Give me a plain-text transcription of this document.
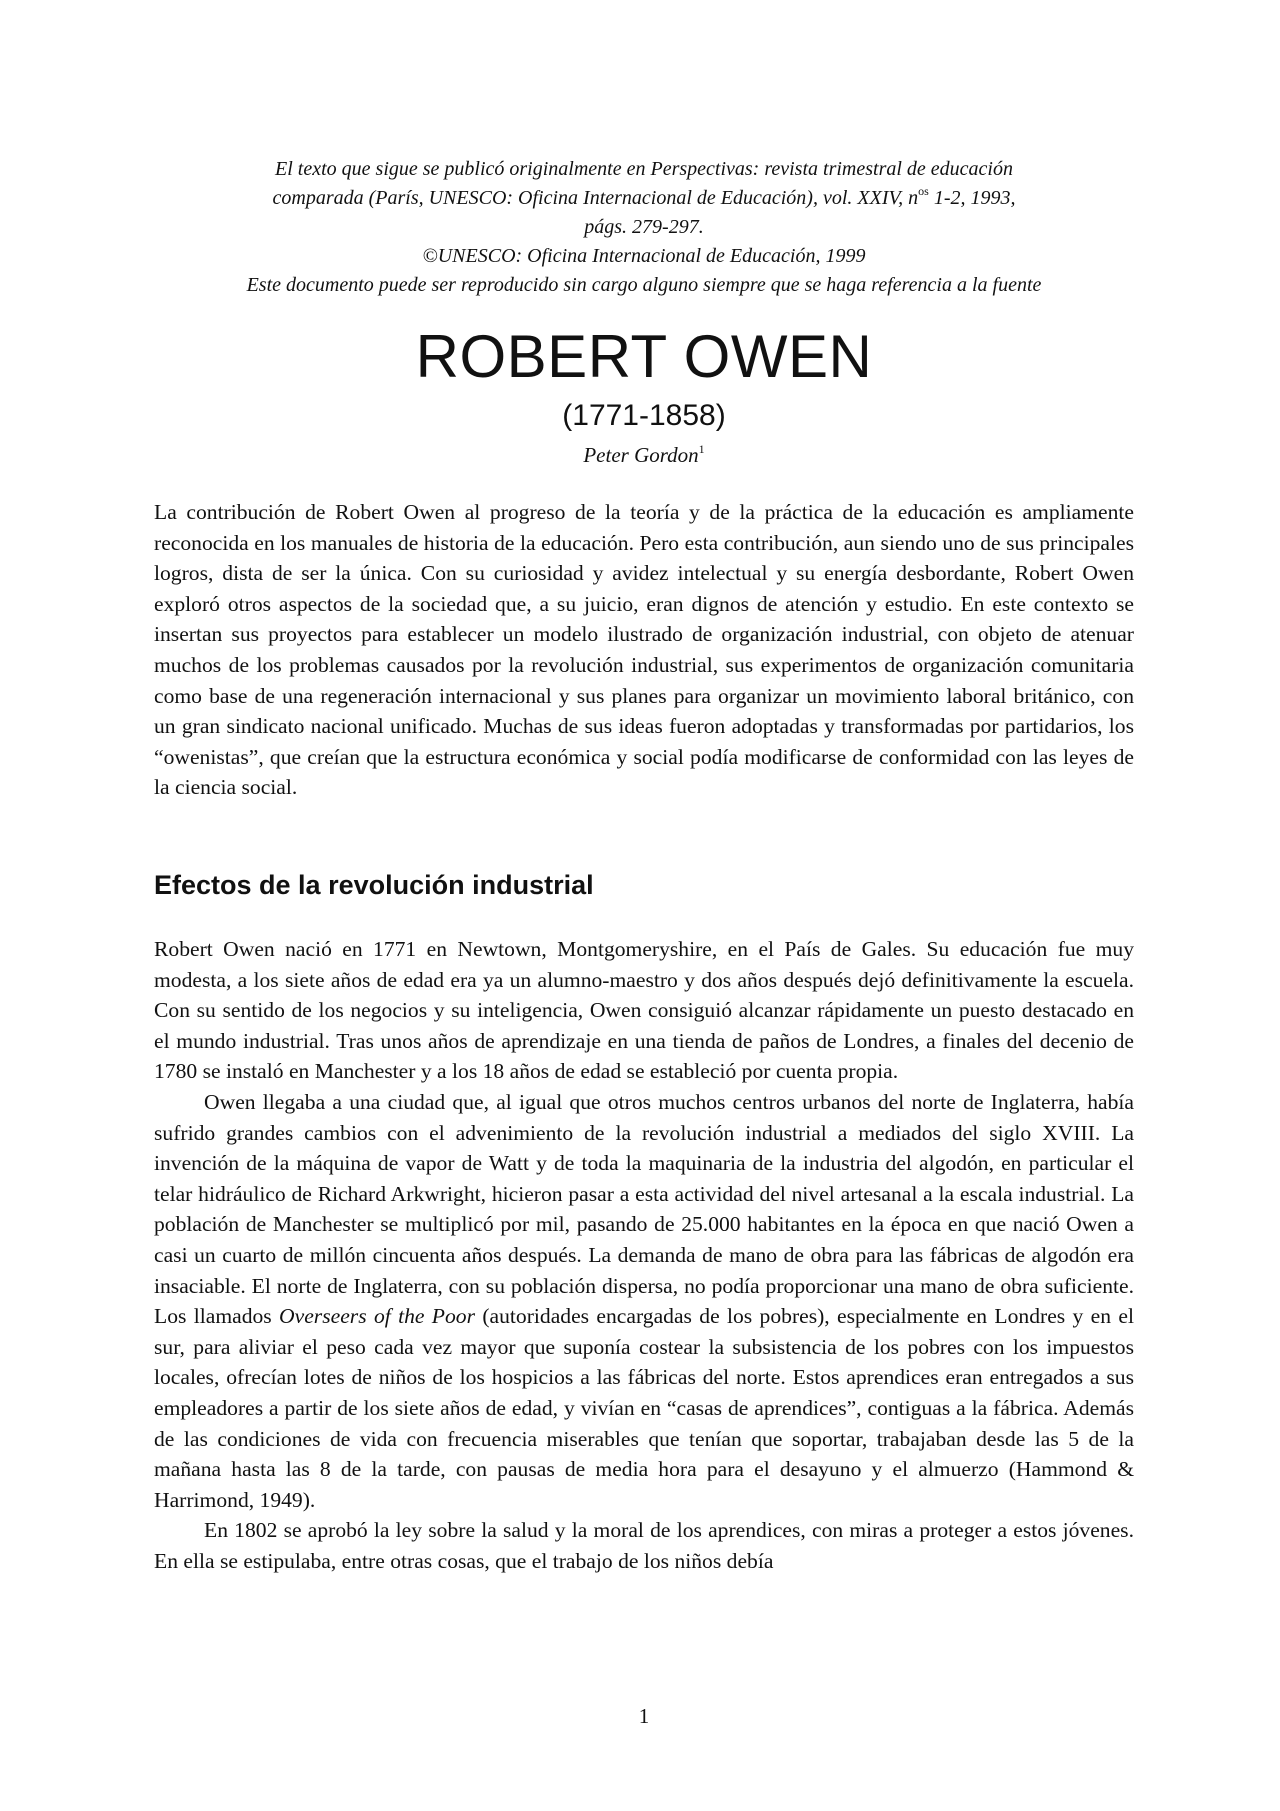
El texto que sigue se publicó originalmente en Perspectivas: revista trimestral de educación
comparada (París, UNESCO: Oficina Internacional de Educación), vol. XXIV, $n^{os}$ 1-2, 1993,
págs. 279-297.
©UNESCO: Oficina Internacional de Educación, 1999
Este documento puede ser reproducido sin cargo alguno siempre que se haga referencia a la fuente
ROBERT OWEN
(1771-1858)
Peter Gordon$^1$

La contribución de Robert Owen al progreso de la teoría y de la práctica de la educación es ampliamente reconocida en los manuales de historia de la educación. Pero esta contribución, aun siendo uno de sus principales logros, dista de ser la única. Con su curiosidad y avidez intelectual y su energía desbordante, Robert Owen exploró otros aspectos de la sociedad que, a su juicio, eran dignos de atención y estudio. En este contexto se insertan sus proyectos para establecer un modelo ilustrado de organización industrial, con objeto de atenuar muchos de los problemas causados por la revolución industrial, sus experimentos de organización comunitaria como base de una regeneración internacional y sus planes para organizar un movimiento laboral británico, con un gran sindicato nacional unificado. Muchas de sus ideas fueron adoptadas y transformadas por partidarios, los “owenistas”, que creían que la estructura económica y social podía modificarse de conformidad con las leyes de la ciencia social.

Efectos de la revolución industrial

Robert Owen nació en 1771 en Newtown, Montgomeryshire, en el País de Gales. Su educación fue muy modesta, a los siete años de edad era ya un alumno-maestro y dos años después dejó definitivamente la escuela. Con su sentido de los negocios y su inteligencia, Owen consiguió alcanzar rápidamente un puesto destacado en el mundo industrial. Tras unos años de aprendizaje en una tienda de paños de Londres, a finales del decenio de 1780 se instaló en Manchester y a los 18 años de edad se estableció por cuenta propia.

Owen llegaba a una ciudad que, al igual que otros muchos centros urbanos del norte de Inglaterra, había sufrido grandes cambios con el advenimiento de la revolución industrial a mediados del siglo XVIII. La invención de la máquina de vapor de Watt y de toda la maquinaria de la industria del algodón, en particular el telar hidráulico de Richard Arkwright, hicieron pasar a esta actividad del nivel artesanal a la escala industrial. La población de Manchester se multiplicó por mil, pasando de 25.000 habitantes en la época en que nació Owen a casi un cuarto de millón cincuenta años después. La demanda de mano de obra para las fábricas de algodón era insaciable. El norte de Inglaterra, con su población dispersa, no podía proporcionar una mano de obra suficiente. Los llamados Overseers of the Poor (autoridades encargadas de los pobres), especialmente en Londres y en el sur, para aliviar el peso cada vez mayor que suponía costear la subsistencia de los pobres con los impuestos locales, ofrecían lotes de niños de los hospicios a las fábricas del norte. Estos aprendices eran entregados a sus empleadores a partir de los siete años de edad, y vivían en “casas de aprendices”, contiguas a la fábrica. Además de las condiciones de vida con frecuencia miserables que tenían que soportar, trabajaban desde las 5 de la mañana hasta las 8 de la tarde, con pausas de media hora para el desayuno y el almuerzo (Hammond & Harrimond, 1949).

En 1802 se aprobó la ley sobre la salud y la moral de los aprendices, con miras a proteger a estos jóvenes. En ella se estipulaba, entre otras cosas, que el trabajo de los niños debía

1
